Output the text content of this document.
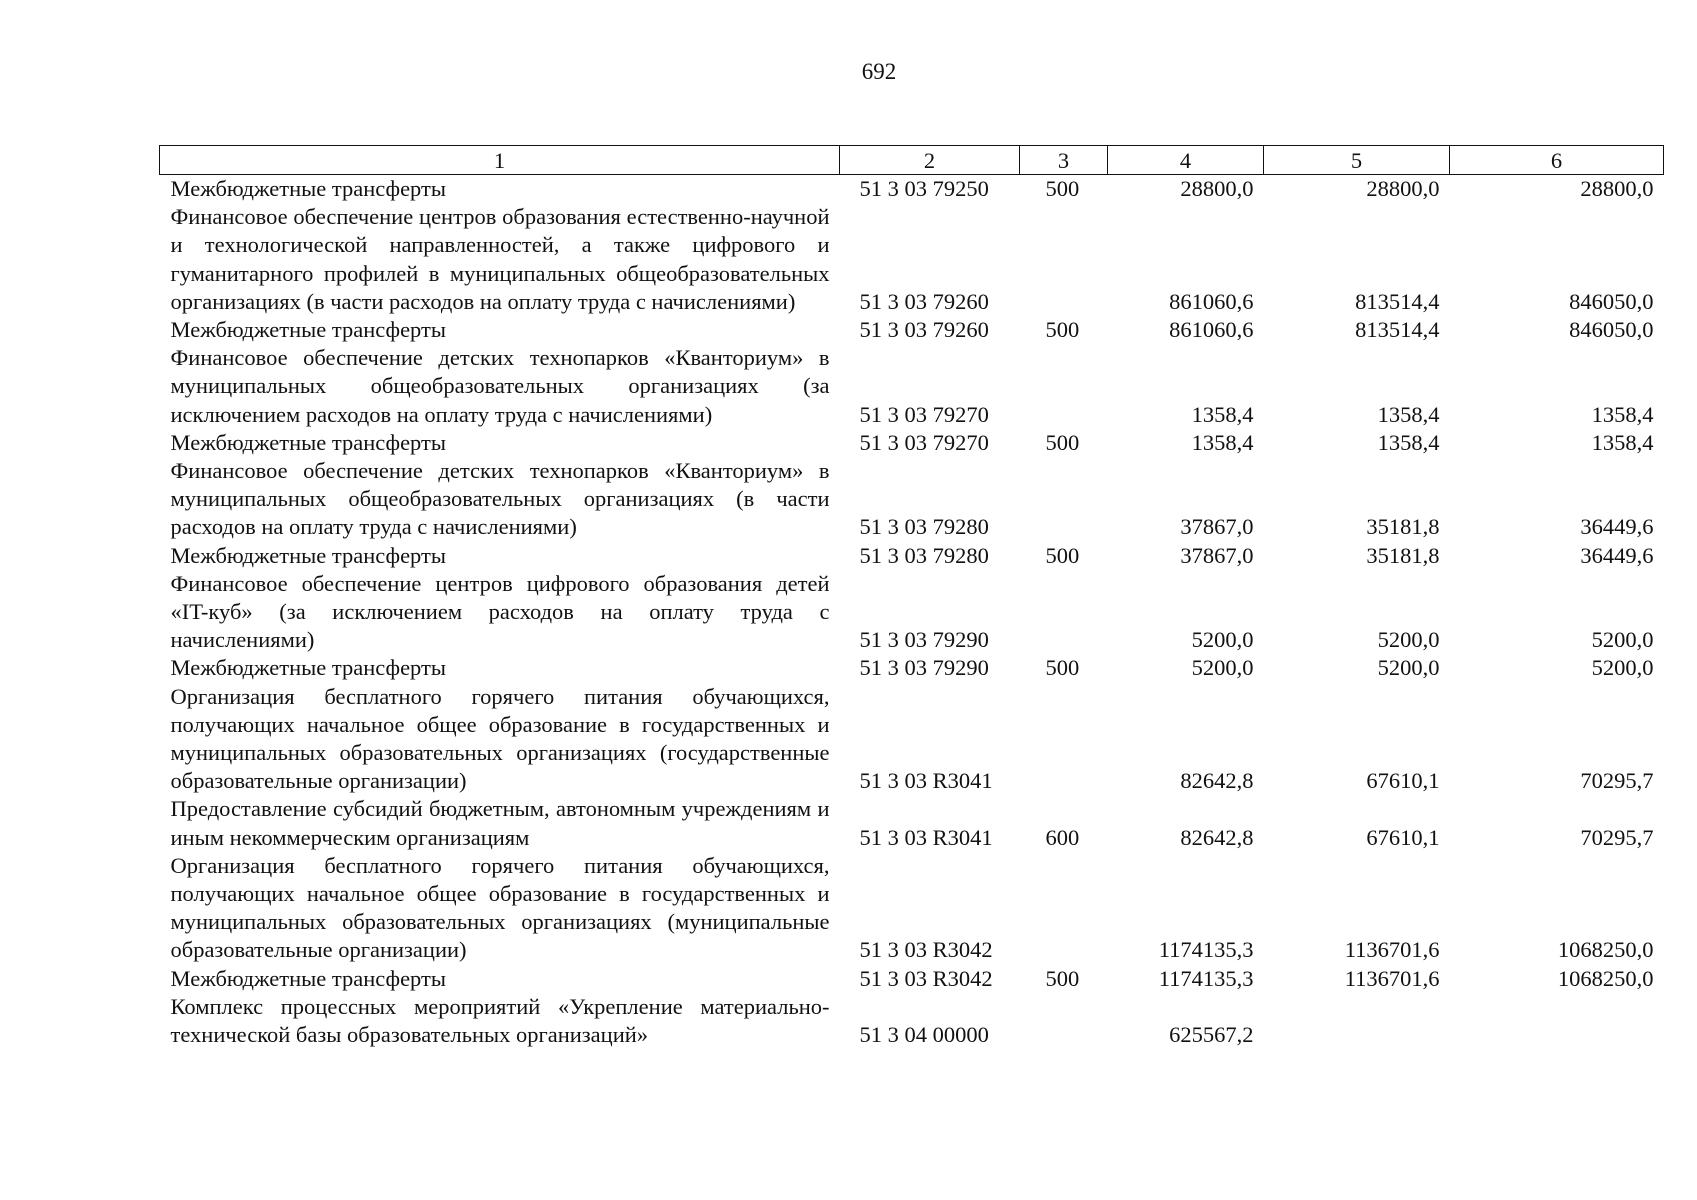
692
1	2	3	4	5	6
Межбюджетные трансферты	51 3 03 79250	500	28800,0	28800,0	28800,0
Финансовое обеспечение центров образования естественно-научной и технологической направленностей, а также цифрового и гуманитарного профилей в муниципальных общеобразовательных организациях (в части расходов на оплату труда с начислениями)	51 3 03 79260		861060,6	813514,4	846050,0
Межбюджетные трансферты	51 3 03 79260	500	861060,6	813514,4	846050,0
Финансовое обеспечение детских технопарков «Кванториум» в муниципальных общеобразовательных организациях (за исключением расходов на оплату труда с начислениями)	51 3 03 79270		1358,4	1358,4	1358,4
Межбюджетные трансферты	51 3 03 79270	500	1358,4	1358,4	1358,4
Финансовое обеспечение детских технопарков «Кванториум» в муниципальных общеобразовательных организациях (в части расходов на оплату труда с начислениями)	51 3 03 79280		37867,0	35181,8	36449,6
Межбюджетные трансферты	51 3 03 79280	500	37867,0	35181,8	36449,6
Финансовое обеспечение центров цифрового образования детей «IT-куб» (за исключением расходов на оплату труда с начислениями)	51 3 03 79290		5200,0	5200,0	5200,0
Межбюджетные трансферты	51 3 03 79290	500	5200,0	5200,0	5200,0
Организация бесплатного горячего питания обучающихся, получающих начальное общее образование в государственных и муниципальных образовательных организациях (государственные образовательные организации)	51 3 03 R3041		82642,8	67610,1	70295,7
Предоставление субсидий бюджетным, автономным учреждениям и иным некоммерческим организациям	51 3 03 R3041	600	82642,8	67610,1	70295,7
Организация бесплатного горячего питания обучающихся, получающих начальное общее образование в государственных и муниципальных образовательных организациях (муниципальные образовательные организации)	51 3 03 R3042		1174135,3	1136701,6	1068250,0
Межбюджетные трансферты	51 3 03 R3042	500	1174135,3	1136701,6	1068250,0
Комплекс процессных мероприятий «Укрепление материально-технической базы образовательных организаций»	51 3 04 00000		625567,2		
